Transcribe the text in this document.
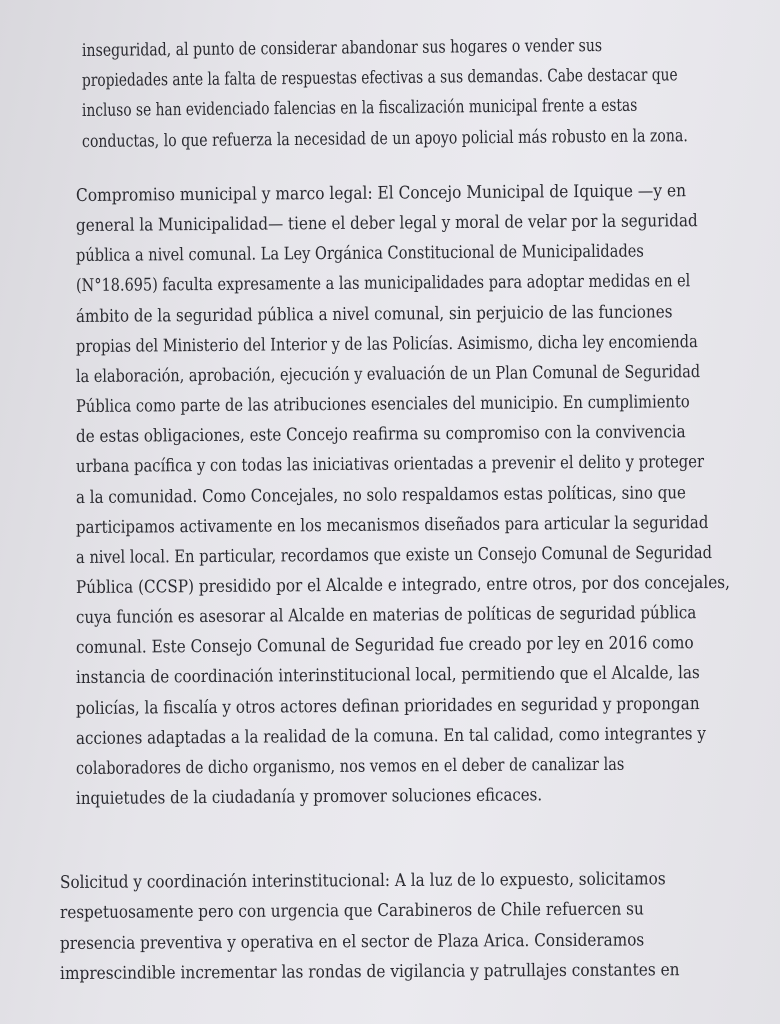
inseguridad, al punto de considerar abandonar sus hogares o vender sus
propiedades ante la falta de respuestas efectivas a sus demandas. Cabe destacar que
incluso se han evidenciado falencias en la fiscalización municipal frente a estas
conductas, lo que refuerza la necesidad de un apoyo policial más robusto en la zona.
Compromiso municipal y marco legal: El Concejo Municipal de Iquique —y en
general la Municipalidad— tiene el deber legal y moral de velar por la seguridad
pública a nivel comunal. La Ley Orgánica Constitucional de Municipalidades
(N°18.695) faculta expresamente a las municipalidades para adoptar medidas en el
ámbito de la seguridad pública a nivel comunal, sin perjuicio de las funciones
propias del Ministerio del Interior y de las Policías. Asimismo, dicha ley encomienda
la elaboración, aprobación, ejecución y evaluación de un Plan Comunal de Seguridad
Pública como parte de las atribuciones esenciales del municipio. En cumplimiento
de estas obligaciones, este Concejo reafirma su compromiso con la convivencia
urbana pacífica y con todas las iniciativas orientadas a prevenir el delito y proteger
a la comunidad. Como Concejales, no solo respaldamos estas políticas, sino que
participamos activamente en los mecanismos diseñados para articular la seguridad
a nivel local. En particular, recordamos que existe un Consejo Comunal de Seguridad
Pública (CCSP) presidido por el Alcalde e integrado, entre otros, por dos concejales,
cuya función es asesorar al Alcalde en materias de políticas de seguridad pública
comunal. Este Consejo Comunal de Seguridad fue creado por ley en 2016 como
instancia de coordinación interinstitucional local, permitiendo que el Alcalde, las
policías, la fiscalía y otros actores definan prioridades en seguridad y propongan
acciones adaptadas a la realidad de la comuna. En tal calidad, como integrantes y
colaboradores de dicho organismo, nos vemos en el deber de canalizar las
inquietudes de la ciudadanía y promover soluciones eficaces.
Solicitud y coordinación interinstitucional: A la luz de lo expuesto, solicitamos
respetuosamente pero con urgencia que Carabineros de Chile refuercen su
presencia preventiva y operativa en el sector de Plaza Arica. Consideramos
imprescindible incrementar las rondas de vigilancia y patrullajes constantes en
